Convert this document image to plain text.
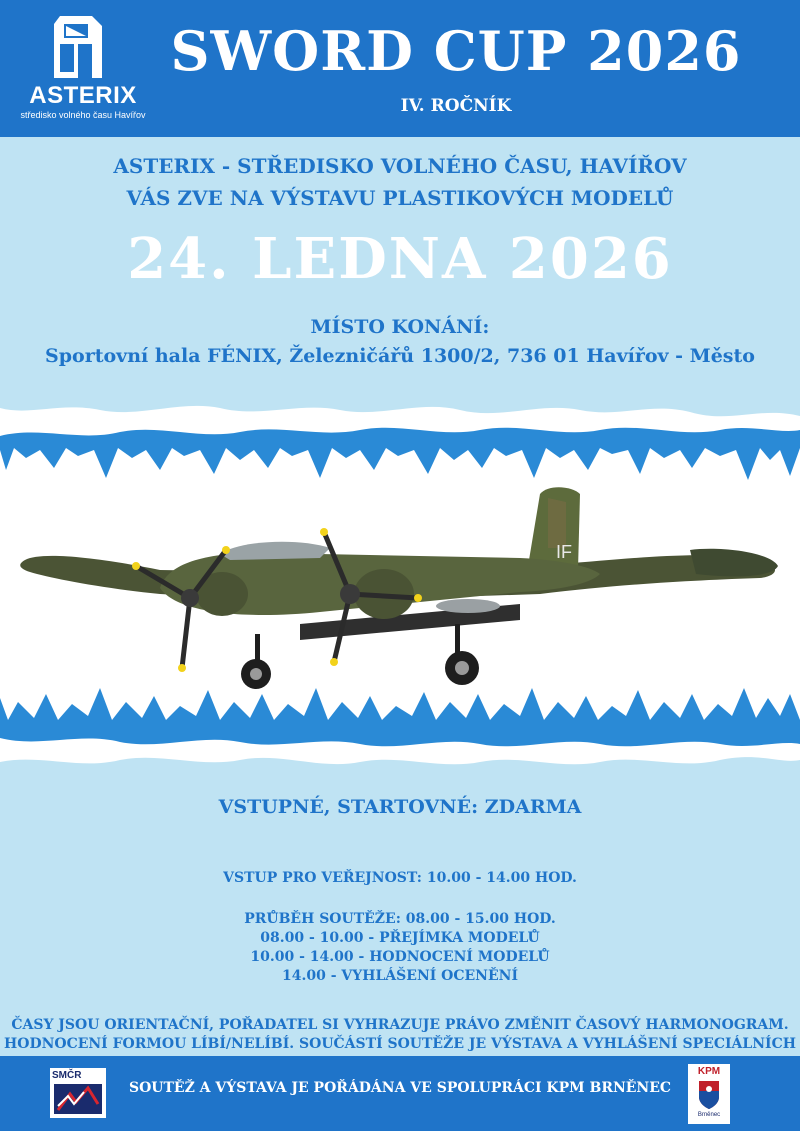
ASTERIX
středisko volného času Havířov
SWORD CUP 2026
IV. ROČNÍK
ASTERIX - STŘEDISKO VOLNÉHO ČASU, HAVÍŘOV
VÁS ZVE NA VÝSTAVU PLASTIKOVÝCH MODELŮ
24. LEDNA 2026
MÍSTO KONÁNÍ:
Sportovní hala FÉNIX, Železničářů 1300/2, 736 01 Havířov - Město
IF
VSTUPNÉ, STARTOVNÉ: ZDARMA
VSTUP PRO VEŘEJNOST: 10.00 - 14.00 HOD.
PRŮBĚH SOUTĚŽE: 08.00 - 15.00 HOD.
08.00 - 10.00 - PŘEJÍMKA MODELŮ
10.00 - 14.00 - HODNOCENÍ MODELŮ
14.00 - VYHLÁŠENÍ OCENĚNÍ
ČASY JSOU ORIENTAČNÍ, POŘADATEL SI VYHRAZUJE PRÁVO ZMĚNIT ČASOVÝ HARMONOGRAM.
HODNOCENÍ FORMOU LÍBÍ/NELÍBÍ. SOUČÁSTÍ SOUTĚŽE JE VÝSTAVA A VYHLÁŠENÍ SPECIÁLNÍCH
SMČR
SOUTĚŽ A VÝSTAVA JE POŘÁDÁNA VE SPOLUPRÁCI KPM BRNĚNEC
KPM
Brněnec
